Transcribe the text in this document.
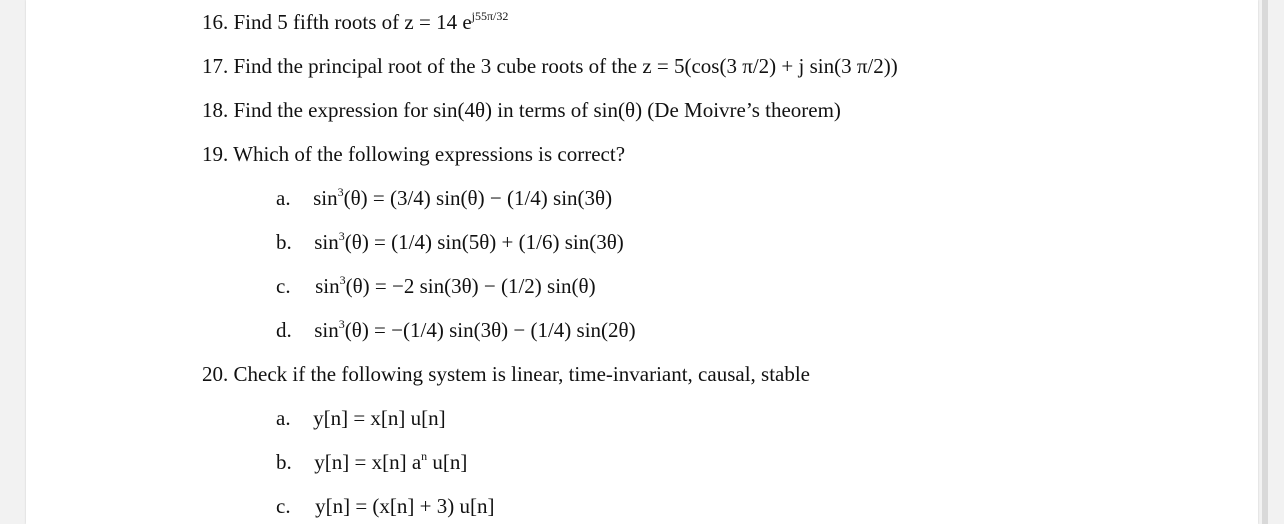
16. Find 5 fifth roots of z = 14 $e^{j55\pi/32}$
17. Find the principal root of the 3 cube roots of the z = 5(cos(3 π/2) + j sin(3 π/2))
18. Find the expression for sin(4θ) in terms of sin(θ) (De Moivre’s theorem)
19. Which of the following expressions is correct?
a. $\sin^3(\theta) = (3/4) \sin(\theta) - (1/4)$ sin(3θ)
b. $\sin^3(\theta) = (1/4) \sin(5\theta) + (1/6)$ sin(3θ)
c. $\sin^3(\theta) = -2$ sin(3θ) − (1/2) sin(θ)
d. $\sin^3(\theta) = -(1/4) \sin(3\theta) - (1/4)$ sin(2θ)
20. Check if the following system is linear, time-invariant, causal, stable
a. y[n] = x[n] u[n]
b. y[n] = x[n] $a^n$ u[n]
c. y[n] = (x[n] + 3) u[n]
